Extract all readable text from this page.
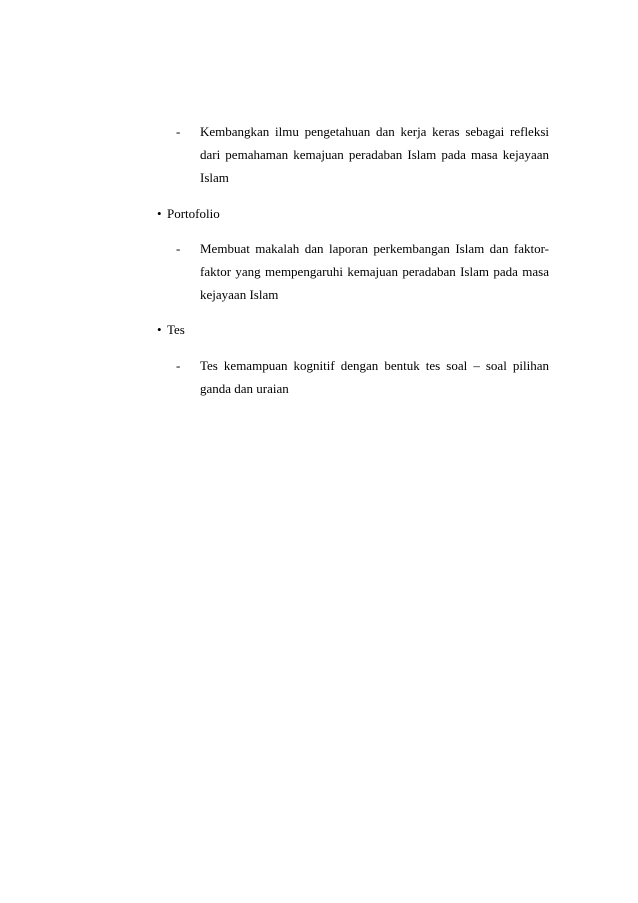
-	Kembangkan ilmu pengetahuan dan kerja keras sebagai refleksi dari pemahaman kemajuan peradaban Islam pada masa kejayaan Islam
• Portofolio
-	Membuat makalah dan laporan perkembangan Islam dan faktor-faktor yang mempengaruhi kemajuan peradaban Islam pada masa kejayaan Islam
• Tes
-	Tes kemampuan kognitif dengan bentuk tes soal – soal pilihan ganda dan uraian
